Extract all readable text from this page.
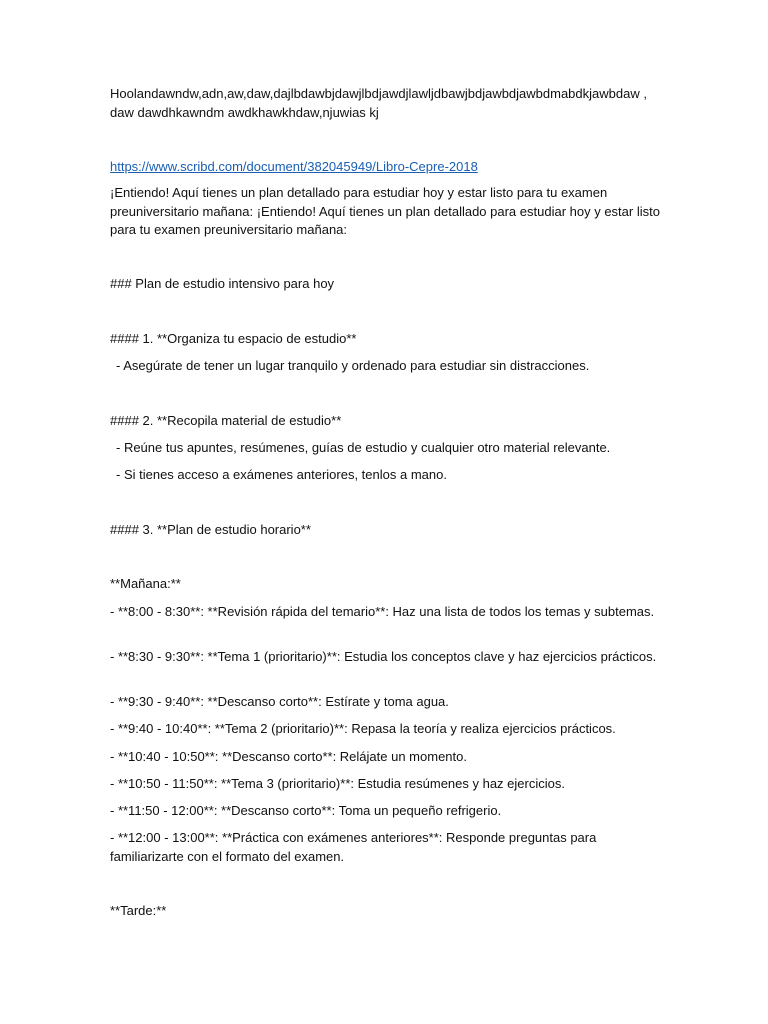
Hoolandawndw,adn,aw,daw,dajlbdawbjdawjlbdjawdjlawljdbawjbdjawbdjawbdmabdkjawbdaw , daw dawdhkawndm awdkhawkhdaw,njuwias kj

https://www.scribd.com/document/382045949/Libro-Cepre-2018

¡Entiendo! Aquí tienes un plan detallado para estudiar hoy y estar listo para tu examen preuniversitario mañana: ¡Entiendo! Aquí tienes un plan detallado para estudiar hoy y estar listo para tu examen preuniversitario mañana:

### Plan de estudio intensivo para hoy

#### 1. **Organiza tu espacio de estudio**

- Asegúrate de tener un lugar tranquilo y ordenado para estudiar sin distracciones.

#### 2. **Recopila material de estudio**

- Reúne tus apuntes, resúmenes, guías de estudio y cualquier otro material relevante.

- Si tienes acceso a exámenes anteriores, tenlos a mano.

#### 3. **Plan de estudio horario**

**Mañana:**

- **8:00 - 8:30**: **Revisión rápida del temario**: Haz una lista de todos los temas y subtemas.

- **8:30 - 9:30**: **Tema 1 (prioritario)**: Estudia los conceptos clave y haz ejercicios prácticos.

- **9:30 - 9:40**: **Descanso corto**: Estírate y toma agua.

- **9:40 - 10:40**: **Tema 2 (prioritario)**: Repasa la teoría y realiza ejercicios prácticos.

- **10:40 - 10:50**: **Descanso corto**: Relájate un momento.

- **10:50 - 11:50**: **Tema 3 (prioritario)**: Estudia resúmenes y haz ejercicios.

- **11:50 - 12:00**: **Descanso corto**: Toma un pequeño refrigerio.

- **12:00 - 13:00**: **Práctica con exámenes anteriores**: Responde preguntas para familiarizarte con el formato del examen.

**Tarde:**
